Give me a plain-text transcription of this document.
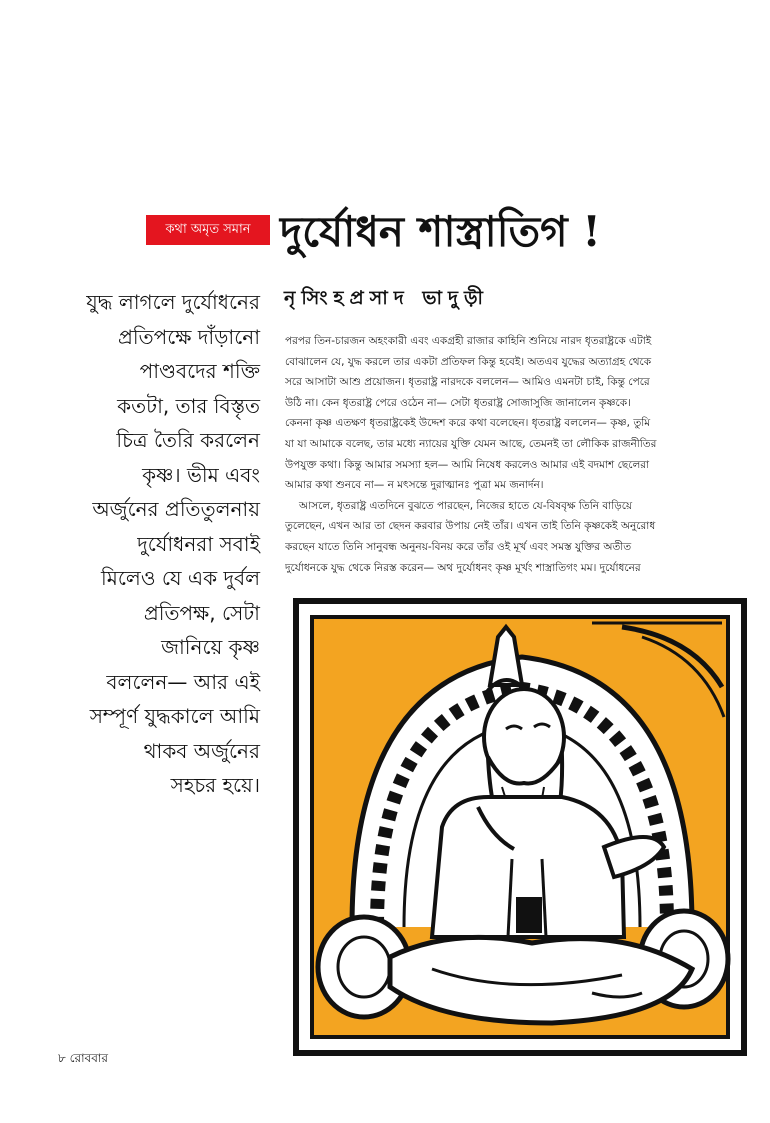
কথা অমৃত সমান দুর্যোধন শাস্ত্রাতিগ !
নৃসিংহপ্রসাদ ভাদুড়ী

যুদ্ধ লাগলে দুর্যোধনের

প্রতিপক্ষে দাঁড়ানো

পাণ্ডবদের শক্তি

কতটা, তার বিস্তৃত

চিত্র তৈরি করলেন

কৃষ্ণ। ভীম এবং

অর্জুনের প্রতিতুলনায়

দুর্যোধনরা সবাই

মিলেও যে এক দুর্বল

প্রতিপক্ষ, সেটা

জানিয়ে কৃষ্ণ

বললেন— আর এই

সম্পূর্ণ যুদ্ধকালে আমি

থাকব অর্জুনের

সহচর হয়ে।

পরপর তিন-চারজন অহংকারী এবং একগ্রহী রাজার কাহিনি শুনিয়ে নারদ ধৃতরাষ্ট্রকে এটাই

বোঝালেন যে, যুদ্ধ করলে তার একটা প্রতিফল কিন্তু হবেই। অতএব যুদ্ধের অত্যাগ্রহ থেকে

সরে আসাটা আশু প্রয়োজন। ধৃতরাষ্ট্র নারদকে বললেন— আমিও এমনটা চাই, কিন্তু পেরে

উঠি না। কেন ধৃতরাষ্ট্র পেরে ওঠেন না— সেটা ধৃতরাষ্ট্র সোজাসুজি জানালেন কৃষ্ণকে।

কেননা কৃষ্ণ এতক্ষণ ধৃতরাষ্ট্রকেই উদ্দেশ করে কথা বলেছেন। ধৃতরাষ্ট্র বললেন— কৃষ্ণ, তুমি

যা যা আমাকে বলেছ, তার মধ্যে ন্যায়ের যুক্তি যেমন আছে, তেমনই তা লৌকিক রাজনীতির

উপযুক্ত কথা। কিন্তু আমার সমস্যা হল— আমি নিষেধ করলেও আমার এই বদমাশ ছেলেরা

আমার কথা শুনবে না— ন মৎসন্তে দুরাত্মানঃ পুত্রা মম জনার্দন।

আসলে, ধৃতরাষ্ট্র এতদিনে বুঝতে পারছেন, নিজের হাতে যে-বিষবৃক্ষ তিনি বাড়িয়ে

তুলেছেন, এখন আর তা ছেদন করবার উপায় নেই তাঁর। এখন তাই তিনি কৃষ্ণকেই অনুরোধ

করছেন যাতে তিনি সানুবন্ধ অনুনয়-বিনয় করে তাঁর ওই মূর্খ এবং সমস্ত যুক্তির অতীত

দুর্যোধনকে যুদ্ধ থেকে নিরস্ত করেন— অথ দুর্যোধনং কৃষ্ণ মূর্খং শাস্ত্রাতিগং মম। দুর্যোধনের

৮ রোববার
